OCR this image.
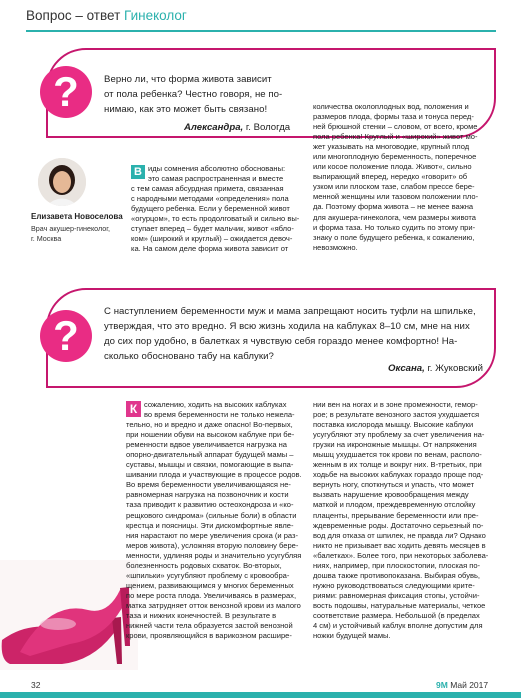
Вопрос – ответ Гинеколог
?	Верно ли, что форма живота зависит
от пола ребенка? Честно говоря, не по-
нимаю, как это может быть связано!
Александра, г. Вологда
Елизавета Новоселова
Врач акушер-гинеколог,
г. Москва
В иды сомнения абсолютно обоснованы:
это самая распространенная и вместе
с тем самая абсурдная примета, связанная
с народными методами «определения» пола
будущего ребенка. Если у беременной живот
«огурцом», то есть продолговатый и сильно вы-
ступает вперед – будет мальчик, живот «ябло-
ком» (широкий и круглый) – ожидается девоч-
ка. На самом деле форма живота зависит от
количества околоплодных вод, положения и
размеров плода, формы таза и тонуса перед-
ней брюшной стенки – словом, от всего, кроме
пола ребенка! Круглый и «широкий» живот мо-
жет указывать на многоводие, крупный плод
или многоплодную беременность, поперечное
или косое положение плода. Живот«, сильно
выпирающий вперед, нередко «говорит» об
узком или плоском тазе, слабом прессе бере-
менной женщины или тазовом положении пло-
да. Поэтому форма живота – не менее важна
для акушера-гинеколога, чем размеры живота
и форма таза. Но только судить по этому при-
знаку о поле будущего ребенка, к сожалению,
невозможно.
?
С наступлением беременности муж и мама запрещают носить туфли на шпильке,
утверждая, что это вредно. Я всю жизнь ходила на каблуках 8–10 см, мне на них
до сих пор удобно, в балетках я чувствую себя гораздо менее комфортно! На-
сколько обосновано табу на каблуки?
Оксана, г. Жуковский
К сожалению, ходить на высоких каблуках
во время беременности не только нежела-
тельно, но и вредно и даже опасно! Во-первых,
при ношении обуви на высоком каблуке при бе-
ременности вдвое увеличивается нагрузка на
опорно-двигательный аппарат будущей мамы –
суставы, мышцы и связки, помогающие в выпа-
шивании плода и участвующие в процессе родов.
Во время беременности увеличивающаяся не-
равномерная нагрузка на позвоночник и кости
таза приводит к развитию остеохондроза и «ко-
рещкового синдрома» (сильные боли) в области
крестца и поясницы. Эти дискомфортные явле-
ния нарастают по мере увеличения срока (и раз-
меров живота), усложняя вторую половину бере-
менности, удлиняя роды и значительно усугубляя
болезненность родовых схваток. Во-вторых,
«шпильки» усугубляют проблему с кровообра-
щением, развивающимся у многих беременных
по мере роста плода. Увеличиваясь в размерах,
матка затрудняет отток венозной крови из малого
таза и нижних конечностей. В результате в
нижней части тела образуется застой венозной
крови, проявляющийся в варикозном расшире-
нии вен на ногах и в зоне промежности, гемор-
рое; в результате венозного застоя ухудшается
поставка кислорода мышцу. Высокие каблуки
усугубляют эту проблему за счет увеличения на-
грузки на икроножные мышцы. От напряжения
мышц ухудшается ток крови по венам, располо-
женным в их толще и вокруг них. В-третьих, при
ходьбе на высоких каблуках гораздо проще под-
вернуть ногу, споткнуться и упасть, что может
вызвать нарушение кровообращения между
маткой и плодом, преждевременную отслойку
плаценты, прерывание беременности или пре-
ждевременные роды. Достаточно серьезный по-
вод для отказа от шпилек, не правда ли? Однако
никто не призывает вас ходить девять месяцев в
«балетках». Более того, при некоторых заболева-
ниях, например, при плоскостопии, плоская по-
дошва также противопоказана. Выбирая обувь,
нужно руководствоваться следующими крите-
риями: равномерная фиксация стопы, устойчи-
вость подошвы, натуральные материалы, четкое
соответствие размера. Небольшой (в пределах
4 см) и устойчивый каблук вполне допустим для
ножки будущей мамы.
32	9М Май 2017
